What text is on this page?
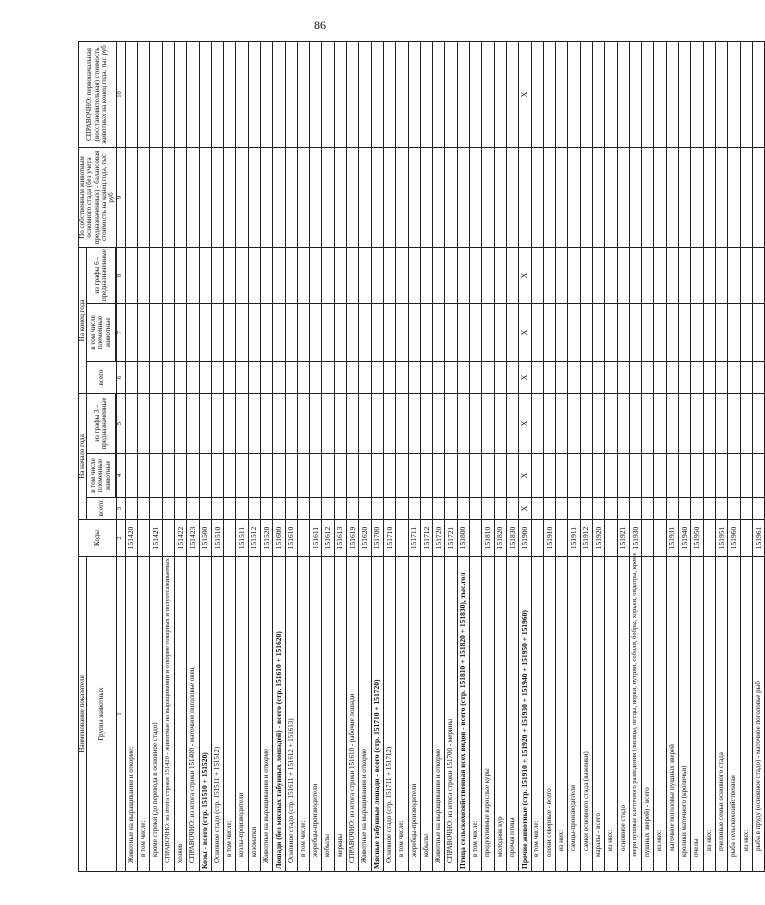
86
Наименование показателя	Коды	На начало года			На конец года			По собственным животным основного стада (без учета предназначенных) - балансовая стоимость на конец года, тыс руб	СПРАВОЧНО: первоначальная (восстановительная) стоимость животных на конец года, тыс руб
Группа животных		всего	в том числе племенные животные	из графы 3 - предназначенные	всего	в том числе племенные животные	из графы 6 - предназначенные		

1	2	3	4	5	6	7	8	9	10
Животные на выращивании и откорме:	151420								
в том числе:									
кроме строки (до перевода в основное стадо)	151421								
СПРАВОЧНО: из итога строки 151420 - животные на выращивании и откорме товарных и полуотсаживаемых									
хозяев	151422								
СПРАВОЧНО: из итога строки 151400 - маточное поголовье овец	151423								
Козы - всего (стр. 151510 + 151520)	151500								
Основное стадо (стр. 151511 + 151512)	151510								
в том числе:									
козлы-производители	151511								
козоматки	151512								
Животные на выращивании и откорме	151520								
Лошади (без мясных табунных лошадей) - всего (стр. 151610 + 151620)	151600								
Основное стадо (стр. 151611 + 151612 + 151613)	151610								
в том числе:									
жеребцы-производители	151611								
кобылы	151612								
мерины	151613								
СПРАВОЧНО: из итога строки 151610 - рабочие лошади	151619								
Животные на выращивании и откорме	151620								
Мясные табунные лошади - всего (стр. 151710 + 151720)	151700								
Основное стадо (стр. 151711 + 151712)	151710								
в том числе:									
жеребцы-производители	151711								
кобылы	151712								
Животные на выращивании и откорме	151720								
СПРАВОЧНО: из итога строки 151700 - мерины	151721								
Птица сельскохозяйственная всех видов - всего (стр. 151810 + 151820 + 151830), тыс.гол	151800								
в том числе:									
продуктивные взрослые куры	151810								
молодняк кур	151820								
прочая птица	151830								
Прочие животные (стр. 151910 + 151920 + 151930 + 151940 + 151950 + 151960)	151900	X	X	X	X	X	X		X
в том числе:									
олени северные - всего	151910								
из них:									
самцы-производители	151911								
самки основного стада (важенки)	151912								
маралы - всего	151920								
из них:									
основное стадо	151921								
звери пушные клеточного разведения (лисицы, песцы, норки, нутрии, соболи, бобры, хорьки, ондатры, кроме	151930								
пушных зверей) - всего									
из них:									
маточное поголовье пушных зверей	151931								
кролики маточного (кроличьи)	151940								
пчелы	151950								
из них:									
пчелиные семьи основного стада	151951								
рыба сельскохозяйственная	151960								
из них:									
рыба в пруду (основное стадо) - маточное поголовье рыб	151961								
